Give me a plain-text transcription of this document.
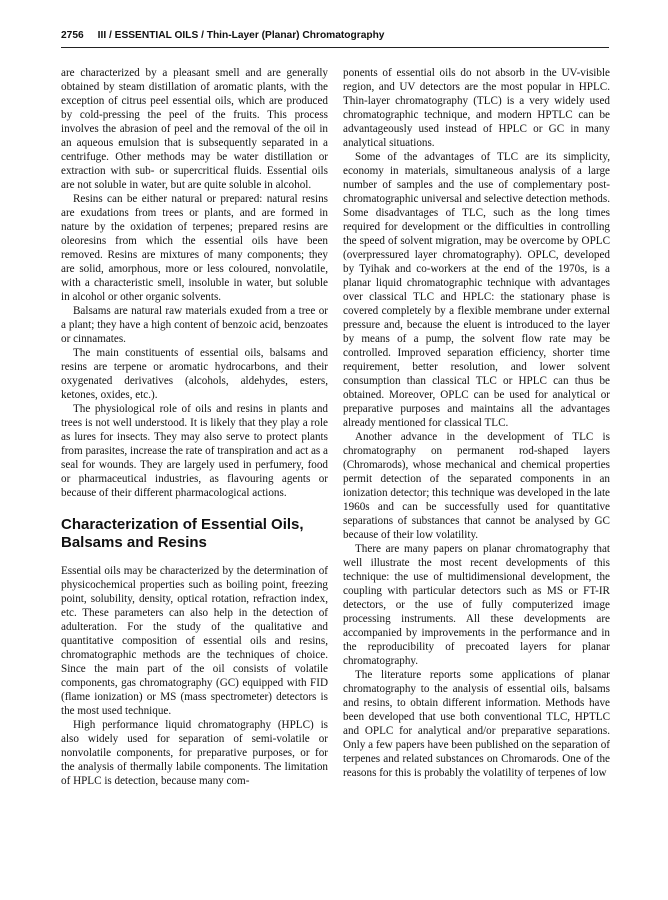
2756 III / ESSENTIAL OILS / Thin-Layer (Planar) Chromatography

are characterized by a pleasant smell and are generally obtained by steam distillation of aromatic plants, with the exception of citrus peel essential oils, which are produced by cold-pressing the peel of the fruits. This process involves the abrasion of peel and the removal of the oil in an aqueous emulsion that is subsequently separated in a centrifuge. Other methods may be water distillation or extraction with sub- or supercritical fluids. Essential oils are not soluble in water, but are quite soluble in alcohol.

Resins can be either natural or prepared: natural resins are exudations from trees or plants, and are formed in nature by the oxidation of terpenes; prepared resins are oleoresins from which the essential oils have been removed. Resins are mixtures of many components; they are solid, amorphous, more or less coloured, nonvolatile, with a characteristic smell, insoluble in water, but soluble in alcohol or other organic solvents.

Balsams are natural raw materials exuded from a tree or a plant; they have a high content of benzoic acid, benzoates or cinnamates.

The main constituents of essential oils, balsams and resins are terpene or aromatic hydrocarbons, and their oxygenated derivatives (alcohols, aldehydes, esters, ketones, oxides, etc.).

The physiological role of oils and resins in plants and trees is not well understood. It is likely that they play a role as lures for insects. They may also serve to protect plants from parasites, increase the rate of transpiration and act as a seal for wounds. They are largely used in perfumery, food or pharmaceutical industries, as flavouring agents or because of their different pharmacological actions.

Characterization of Essential Oils, Balsams and Resins

Essential oils may be characterized by the determination of physicochemical properties such as boiling point, freezing point, solubility, density, optical rotation, refraction index, etc. These parameters can also help in the detection of adulteration. For the study of the qualitative and quantitative composition of essential oils and resins, chromatographic methods are the techniques of choice. Since the main part of the oil consists of volatile components, gas chromatography (GC) equipped with FID (flame ionization) or MS (mass spectrometer) detectors is the most used technique.

High performance liquid chromatography (HPLC) is also widely used for separation of semi-volatile or nonvolatile components, for preparative purposes, or for the analysis of thermally labile components. The limitation of HPLC is detection, because many com-

ponents of essential oils do not absorb in the UV-visible region, and UV detectors are the most popular in HPLC. Thin-layer chromatography (TLC) is a very widely used chromatographic technique, and modern HPTLC can be advantageously used instead of HPLC or GC in many analytical situations.

Some of the advantages of TLC are its simplicity, economy in materials, simultaneous analysis of a large number of samples and the use of complementary post-chromatographic universal and selective detection methods. Some disadvantages of TLC, such as the long times required for development or the difficulties in controlling the speed of solvent migration, may be overcome by OPLC (overpressured layer chromatography). OPLC, developed by Tyihak and co-workers at the end of the 1970s, is a planar liquid chromatographic technique with advantages over classical TLC and HPLC: the stationary phase is covered completely by a flexible membrane under external pressure and, because the eluent is introduced to the layer by means of a pump, the solvent flow rate may be controlled. Improved separation efficiency, shorter time requirement, better resolution, and lower solvent consumption than classical TLC or HPLC can thus be obtained. Moreover, OPLC can be used for analytical or preparative purposes and maintains all the advantages already mentioned for classical TLC.

Another advance in the development of TLC is chromatography on permanent rod-shaped layers (Chromarods), whose mechanical and chemical properties permit detection of the separated components in an ionization detector; this technique was developed in the late 1960s and can be successfully used for quantitative separations of substances that cannot be analysed by GC because of their low volatility.

There are many papers on planar chromatography that well illustrate the most recent developments of this technique: the use of multidimensional development, the coupling with particular detectors such as MS or FT-IR detectors, or the use of fully computerized image processing instruments. All these developments are accompanied by improvements in the performance and in the reproducibility of precoated layers for planar chromatography.

The literature reports some applications of planar chromatography to the analysis of essential oils, balsams and resins, to obtain different information. Methods have been developed that use both conventional TLC, HPTLC and OPLC for analytical and/or preparative separations. Only a few papers have been published on the separation of terpenes and related substances on Chromarods. One of the reasons for this is probably the volatility of terpenes of low
